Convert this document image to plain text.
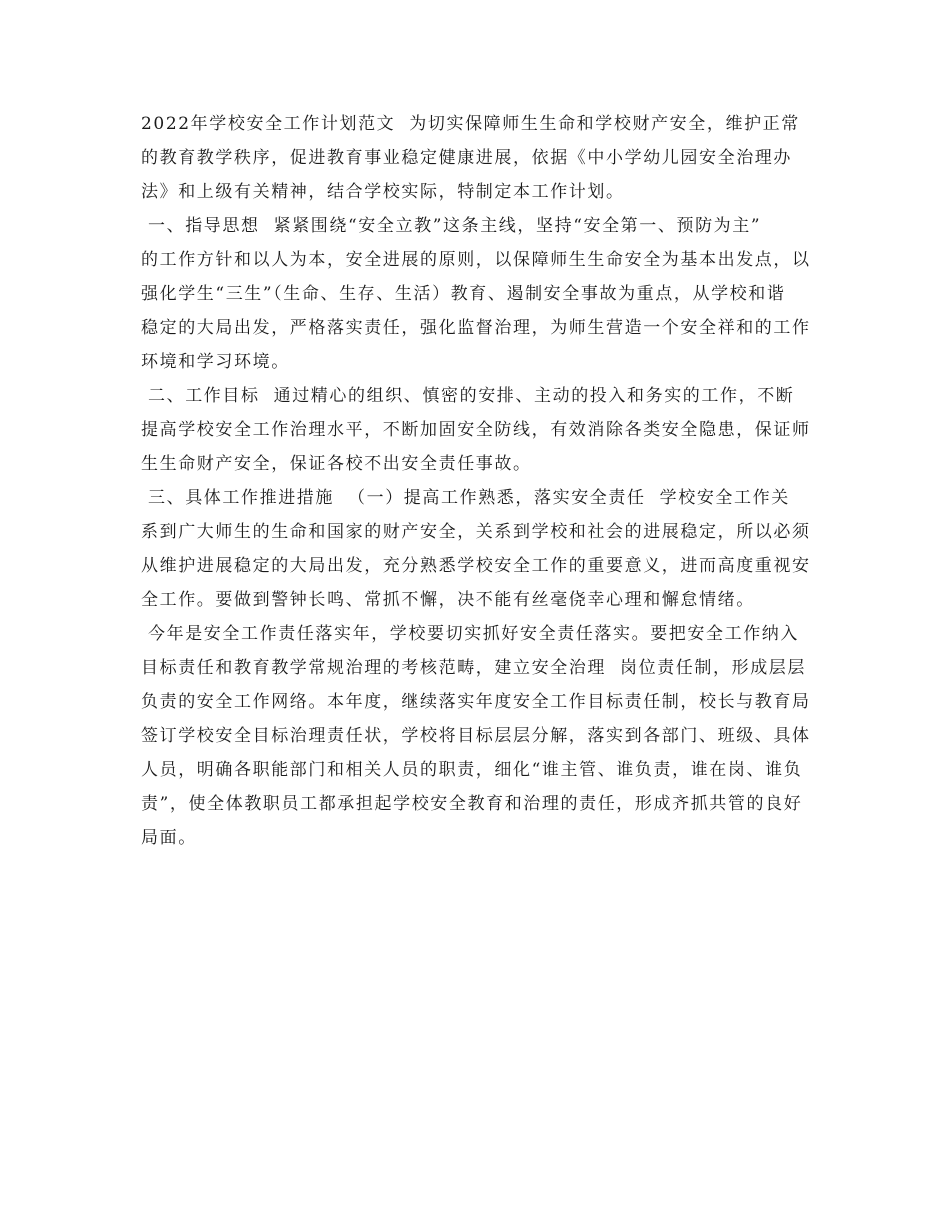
2022年学校安全工作计划范文  为切实保障师生生命和学校财产安全，维护正常
的教育教学秩序，促进教育事业稳定健康进展，依据《中小学幼儿园安全治理办
法》和上级有关精神，结合学校实际，特制定本工作计划。
一、指导思想  紧紧围绕“安全立教”这条主线，坚持“安全第一、预防为主”
的工作方针和以人为本，安全进展的原则，以保障师生生命安全为基本出发点，以
强化学生“三生”（生命、生存、生活）教育、遏制安全事故为重点，从学校和谐
稳定的大局出发，严格落实责任，强化监督治理，为师生营造一个安全祥和的工作
环境和学习环境。
二、工作目标  通过精心的组织、慎密的安排、主动的投入和务实的工作，不断
提高学校安全工作治理水平，不断加固安全防线，有效消除各类安全隐患，保证师
生生命财产安全，保证各校不出安全责任事故。
三、具体工作推进措施  （一）提高工作熟悉，落实安全责任  学校安全工作关
系到广大师生的生命和国家的财产安全，关系到学校和社会的进展稳定，所以必须
从维护进展稳定的大局出发，充分熟悉学校安全工作的重要意义，进而高度重视安
全工作。要做到警钟长鸣、常抓不懈，决不能有丝毫侥幸心理和懈怠情绪。
今年是安全工作责任落实年，学校要切实抓好安全责任落实。要把安全工作纳入
目标责任和教育教学常规治理的考核范畴，建立安全治理  岗位责任制，形成层层
负责的安全工作网络。本年度，继续落实年度安全工作目标责任制，校长与教育局
签订学校安全目标治理责任状，学校将目标层层分解，落实到各部门、班级、具体
人员，明确各职能部门和相关人员的职责，细化“谁主管、谁负责，谁在岗、谁负
责”，使全体教职员工都承担起学校安全教育和治理的责任，形成齐抓共管的良好
局面。
